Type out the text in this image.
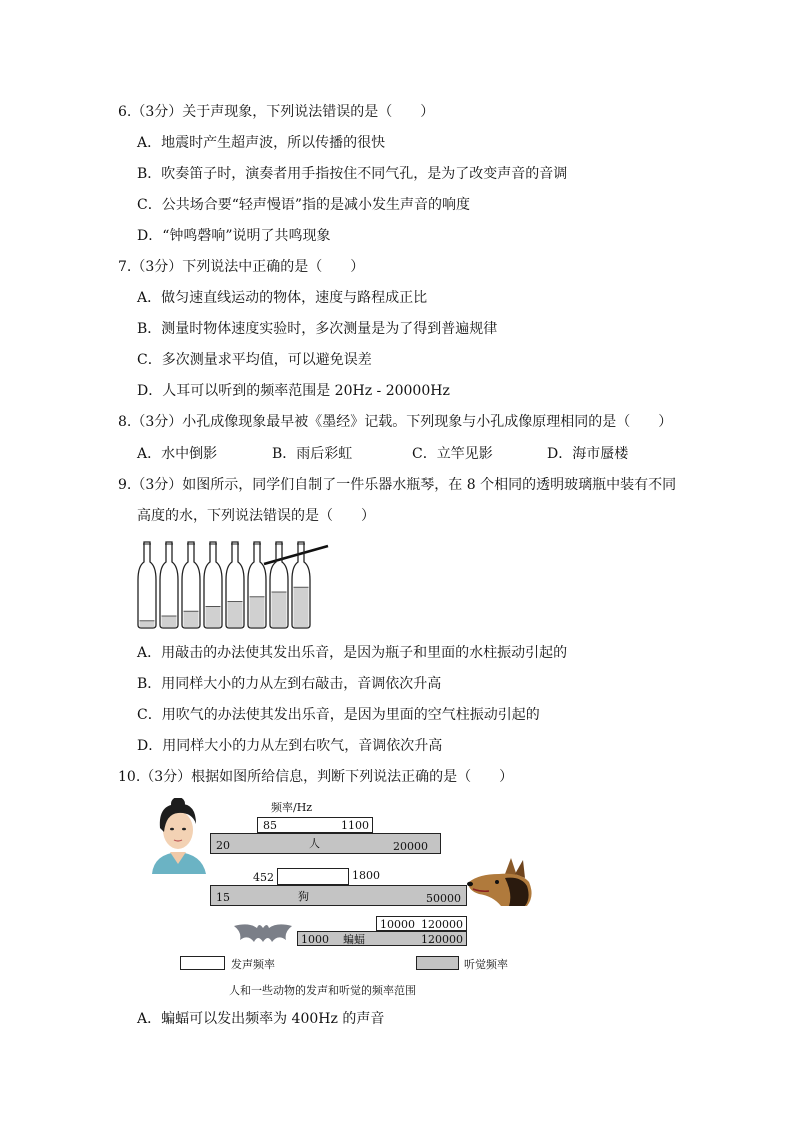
6.（3分）关于声现象，下列说法错误的是（　　）
A．地震时产生超声波，所以传播的很快
B．吹奏笛子时，演奏者用手指按住不同气孔，是为了改变声音的音调
C．公共场合要“轻声慢语”指的是减小发生声音的响度
D．“钟鸣磬响”说明了共鸣现象
7.（3分）下列说法中正确的是（　　）
A．做匀速直线运动的物体，速度与路程成正比
B．测量时物体速度实验时，多次测量是为了得到普遍规律
C．多次测量求平均值，可以避免误差
D．人耳可以听到的频率范围是 20Hz - 20000Hz
8.（3分）小孔成像现象最早被《墨经》记载。下列现象与小孔成像原理相同的是（　　）
A．水中倒影	B．雨后彩虹	C．立竿见影	D．海市蜃楼
9.（3分）如图所示，同学们自制了一件乐器水瓶琴，在 8 个相同的透明玻璃瓶中装有不同
高度的水，下列说法错误的是（　　）
A．用敲击的办法使其发出乐音，是因为瓶子和里面的水柱振动引起的
B．用同样大小的力从左到右敲击，音调依次升高
C．用吹气的办法使其发出乐音，是因为里面的空气柱振动引起的
D．用同样大小的力从左到右吹气，音调依次升高
10.（3分）根据如图所给信息，判断下列说法正确的是（　　）
频率/Hz
85	1100
20	人	20000
452	1800
15	狗	50000
10000 120000
1000 蝙蝠	120000
发声频率	听觉频率
人和一些动物的发声和听觉的频率范围
A．蝙蝠可以发出频率为 400Hz 的声音
